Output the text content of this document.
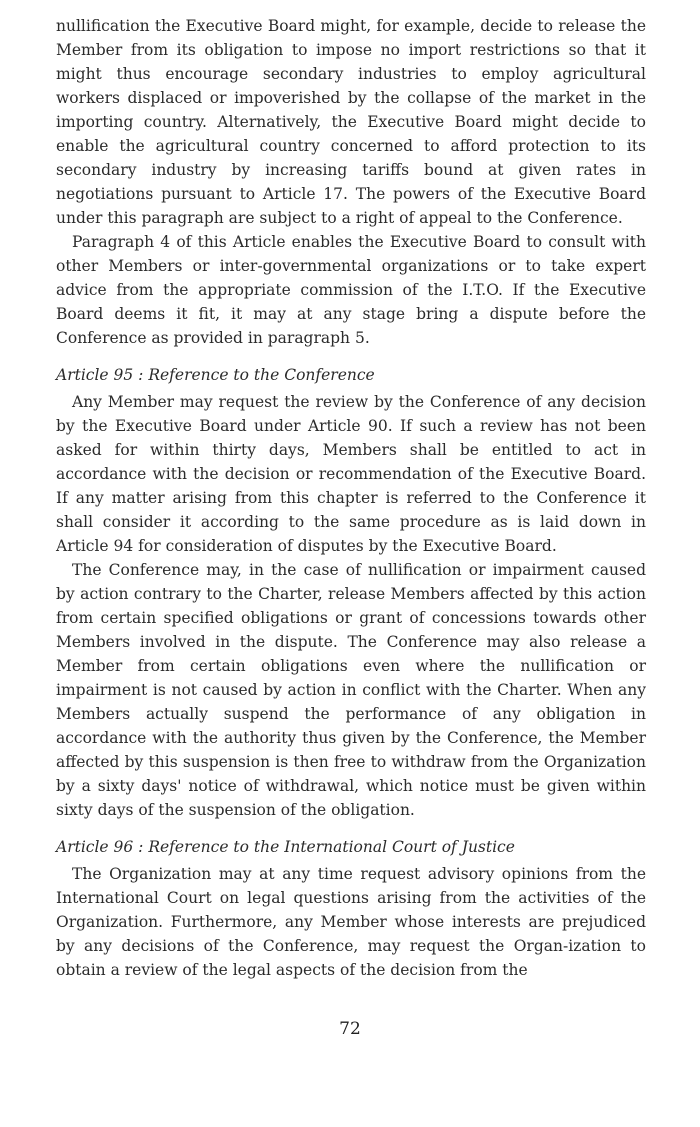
nullification the Executive Board might, for example, decide to release the Member from its obligation to impose no import restrictions so that it might thus encourage secondary industries to employ agricultural workers displaced or impoverished by the collapse of the market in the importing country. Alternatively, the Executive Board might decide to enable the agricultural country concerned to afford protection to its secondary industry by increasing tariffs bound at given rates in negotiations pursuant to Article 17. The powers of the Executive Board under this paragraph are subject to a right of appeal to the Conference.

Paragraph 4 of this Article enables the Executive Board to consult with other Members or inter-governmental organizations or to take expert advice from the appropriate commission of the I.T.O. If the Executive Board deems it fit, it may at any stage bring a dispute before the Conference as provided in paragraph 5.

Article 95 : Reference to the Conference

Any Member may request the review by the Conference of any decision by the Executive Board under Article 90. If such a review has not been asked for within thirty days, Members shall be entitled to act in accordance with the decision or recommendation of the Executive Board. If any matter arising from this chapter is referred to the Conference it shall consider it according to the same procedure as is laid down in Article 94 for consideration of disputes by the Executive Board.

The Conference may, in the case of nullification or impairment caused by action contrary to the Charter, release Members affected by this action from certain specified obligations or grant of concessions towards other Members involved in the dispute. The Conference may also release a Member from certain obligations even where the nullification or impairment is not caused by action in conflict with the Charter. When any Members actually suspend the performance of any obligation in accordance with the authority thus given by the Conference, the Member affected by this suspension is then free to withdraw from the Organization by a sixty days' notice of withdrawal, which notice must be given within sixty days of the suspension of the obligation.

Article 96 : Reference to the International Court of Justice

The Organization may at any time request advisory opinions from the International Court on legal questions arising from the activities of the Organization. Furthermore, any Member whose interests are prejudiced by any decisions of the Conference, may request the Organ-ization to obtain a review of the legal aspects of the decision from the

72
